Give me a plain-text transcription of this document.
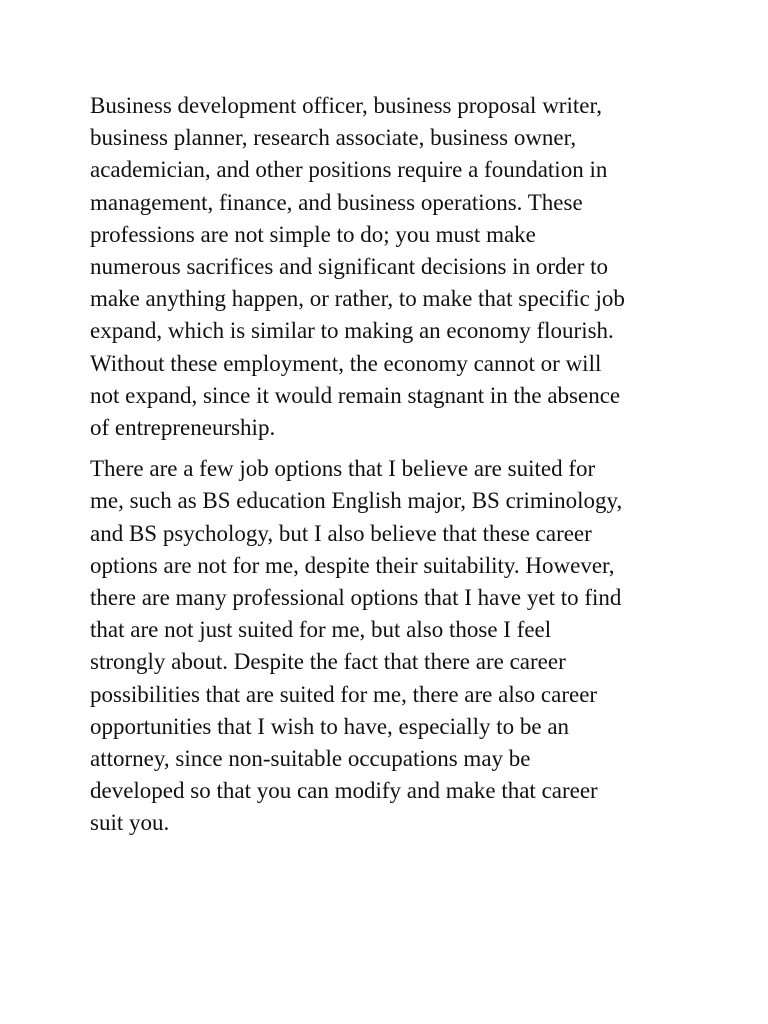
Business development officer, business proposal writer,
business planner, research associate, business owner,
academician, and other positions require a foundation in
management, finance, and business operations. These
professions are not simple to do; you must make
numerous sacrifices and significant decisions in order to
make anything happen, or rather, to make that specific job
expand, which is similar to making an economy flourish.
Without these employment, the economy cannot or will
not expand, since it would remain stagnant in the absence
of entrepreneurship.

There are a few job options that I believe are suited for
me, such as BS education English major, BS criminology,
and BS psychology, but I also believe that these career
options are not for me, despite their suitability. However,
there are many professional options that I have yet to find
that are not just suited for me, but also those I feel
strongly about. Despite the fact that there are career
possibilities that are suited for me, there are also career
opportunities that I wish to have, especially to be an
attorney, since non-suitable occupations may be
developed so that you can modify and make that career
suit you.
